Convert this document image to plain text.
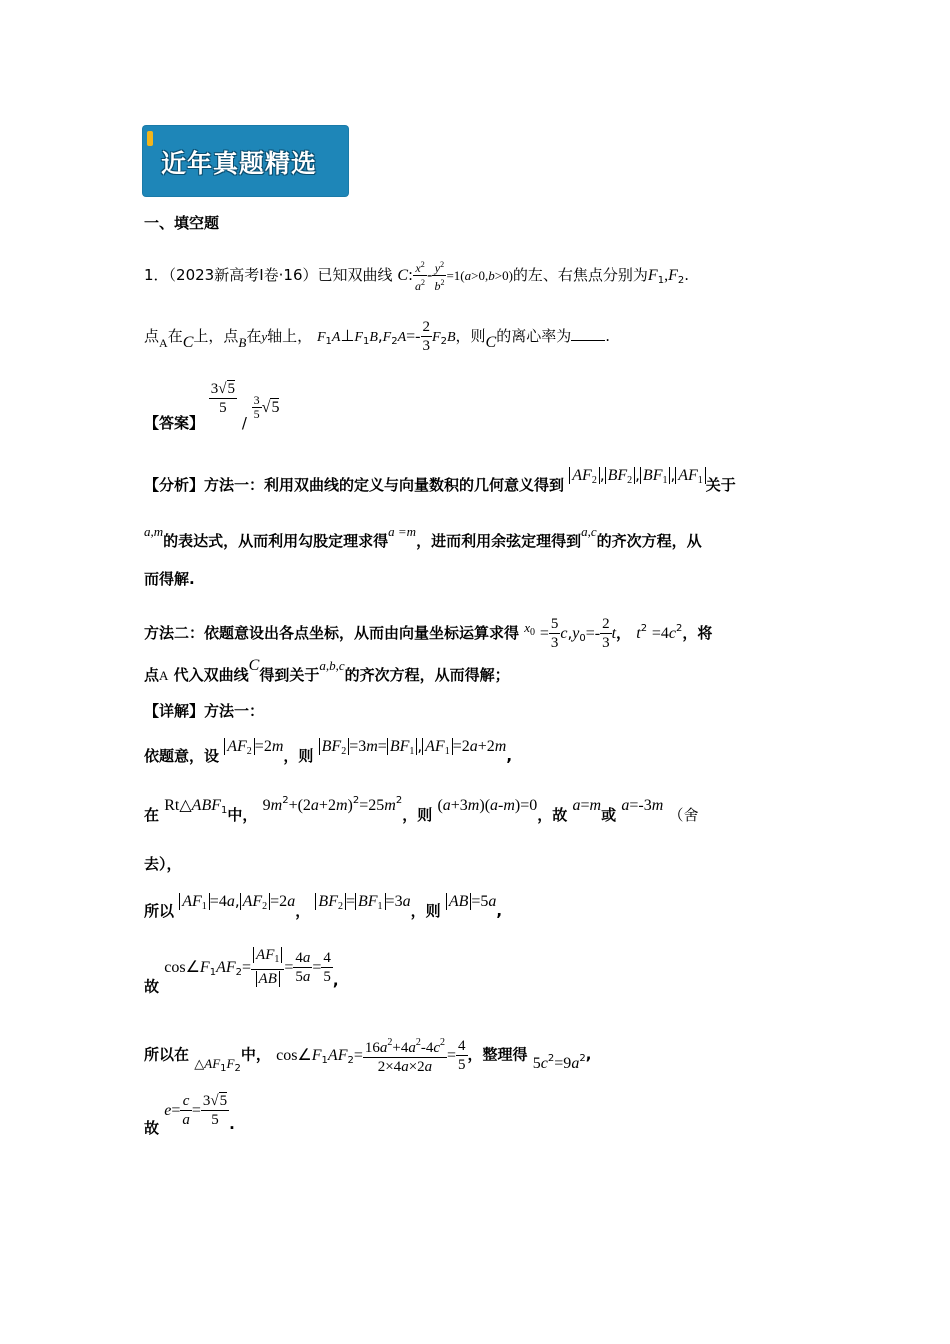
近年真题精选
一、填空题
1．（2023新高考Ⅰ卷·16）已知双曲线 C: $\frac{x^2}{a^2} - \frac{y^2}{b^2} =1(a>0,b>0)$的左、右焦点分别为$F_1,F_2$.
点$_A$在C上，点B在y轴上， $F_1A\perp F_1B,F_2A=- \frac{2}{3} F_2B$，则C的离心率为 .
【答案】
$\frac{3√5}{5}$
/
$\frac{3}{5} √5$
【分析】方法一：利用双曲线的定义与向量数积的几何意义得到 $AF_2$ , $BF_2$ , $BF_1$ , $AF_1$ 关于
a,m的表达式，从而利用勾股定理求得a =m，进而利用余弦定理得到a,c的齐次方程，从
而得解.
方法二：依题意设出各点坐标，从而由向量坐标运算求得 $x_0 = \frac{5}{3} c,y_0=- \frac{2}{3}$ t， $t^2 =4c^2$，将
点A 代入双曲线C得到关于a,b,c的齐次方程，从而得解；
【详解】方法一：
依题意，设 $AF_2 =2m$，则 $BF_2 =3m= BF_1$ , $AF_1 =2a+2m$,
在 $Rt\triangle ABF_1$中， $9m^2+(2a+2m)^2=25m^2$，则 (a+3m)(a-m)=0，故 a=m或 a=-3m （舍
去），
所以 $AF_1 =4a$, $AF_2 =2a$， $BF_2 = BF_1 =3a$，则 AB =5a,
故 $\cos\angle F_1AF_2= \frac{AF_1}{AB} = \frac{4a}{5a} = \frac{4}{5}$ ,
所以在 $\triangle AF_1F_2$中， $\cos\angle F_1AF_2= \frac{16a^2+4a^2-4c^2}{2\times 4a\times 2a} = \frac{4}{5}$ ，整理得 $5c^2=9a^2$,
故 $e= \frac{c}{a} = \frac{3√5}{5}$ .
